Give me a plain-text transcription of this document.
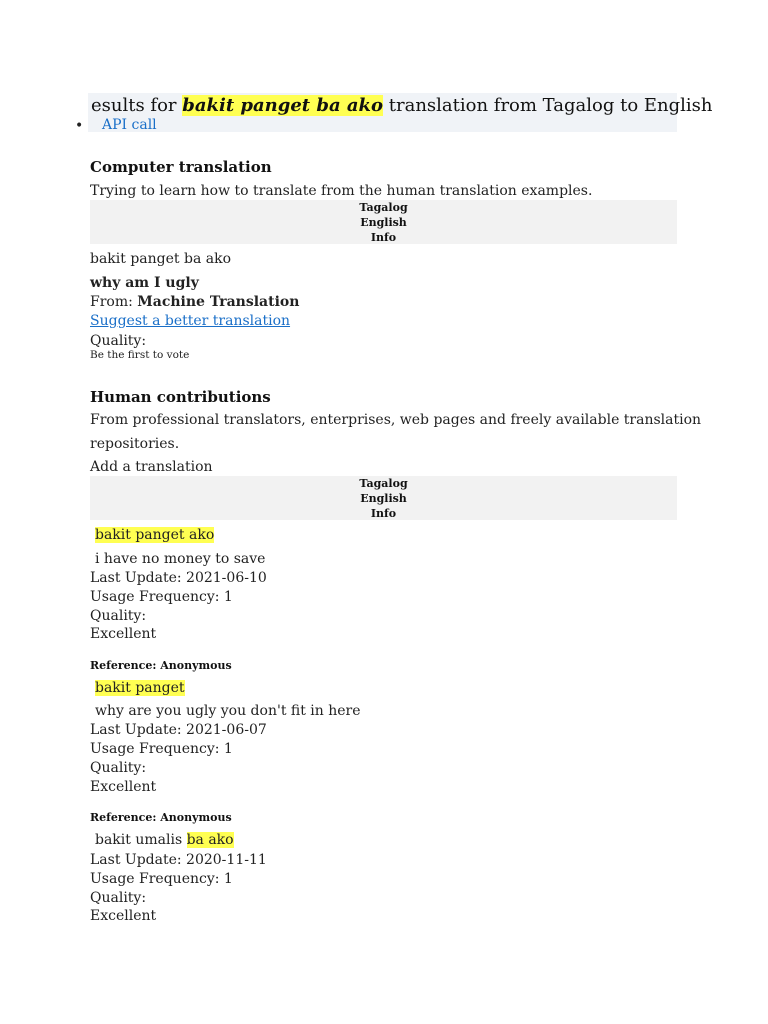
esults for bakit panget ba ako translation from Tagalog to English
• API call
Computer translation
Trying to learn how to translate from the human translation examples.
Tagalog
English
Info
bakit panget ba ako
why am I ugly
From: Machine Translation
Suggest a better translation
Quality:
Be the first to vote
Human contributions
From professional translators, enterprises, web pages and freely available translation
repositories.
Add a translation
Tagalog
English
Info
bakit panget ako
i have no money to save
Last Update: 2021-06-10
Usage Frequency: 1
Quality:
Excellent
Reference: Anonymous
bakit panget
why are you ugly you don't fit in here
Last Update: 2021-06-07
Usage Frequency: 1
Quality:
Excellent
Reference: Anonymous
bakit umalis ba ako
Last Update: 2020-11-11
Usage Frequency: 1
Quality:
Excellent
